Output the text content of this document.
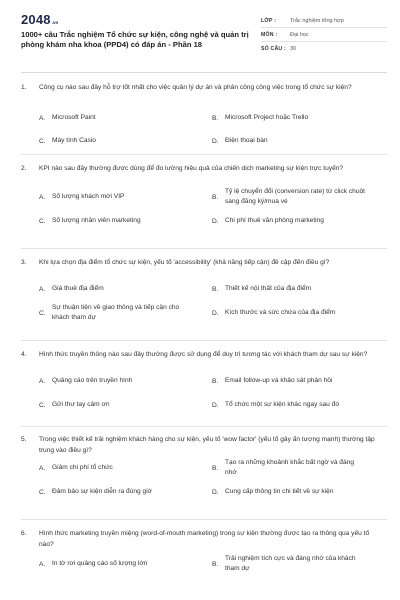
2048 .vn
1000+ câu Trắc nghiệm Tổ chức sự kiện, công nghệ và quản trị phòng khám nha khoa (PPD4) có đáp án - Phần 18
LỚP :	Trắc nghiệm tổng hợp
MÔN :	Đại học
SỐ CÂU : 30
1.	Công cụ nào sau đây hỗ trợ tốt nhất cho việc quản lý dự án và phân công công việc trong tổ chức sự kiện?
A.	Microsoft Paint	B.	Microsoft Project hoặc Trello
C. Máy tính Casio	D. Điện thoại bàn
2.	KPI nào sau đây thường được dùng để đo lường hiệu quả của chiến dịch marketing sự kiện trực tuyến?
A.	Số lượng khách mời VIP	B.
Tỷ lệ chuyển đổi (conversion rate) từ click chuột sang đăng ký/mua vé
C. Số lượng nhân viên marketing	D. Chi phí thuê văn phòng marketing
3.	Khi lựa chọn địa điểm tổ chức sự kiện, yếu tố 'accessibility' (khả năng tiếp cận) đề cập đến điều gì?
A.	Giá thuê địa điểm	B.	Thiết kế nội thất của địa điểm
C.
Sự thuận tiện về giao thông và tiếp cận cho khách tham dự
D. Kích thước và sức chứa của địa điểm
4.	Hình thức truyền thông nào sau đây thường được sử dụng để duy trì tương tác với khách tham dự sau sự kiện?
A.	Quảng cáo trên truyền hình	B.	Email follow-up và khảo sát phản hồi
C. Gửi thư tay cảm ơn	D. Tổ chức một sự kiện khác ngay sau đó
5.	Trong việc thiết kế trải nghiệm khách hàng cho sự kiện, yếu tố 'wow factor' (yếu tố gây ấn tượng mạnh) thường tập trung vào điều gì?
A.	Giảm chi phí tổ chức	B.
Tạo ra những khoảnh khắc bất ngờ và đáng nhớ
C. Đảm bảo sự kiện diễn ra đúng giờ	D. Cung cấp thông tin chi tiết về sự kiện
6.	Hình thức marketing truyền miệng (word-of-mouth marketing) trong sự kiện thường được tạo ra thông qua yếu tố nào?
A.	In tờ rơi quảng cáo số lượng lớn	B.
Trải nghiệm tích cực và đáng nhớ của khách tham dự
